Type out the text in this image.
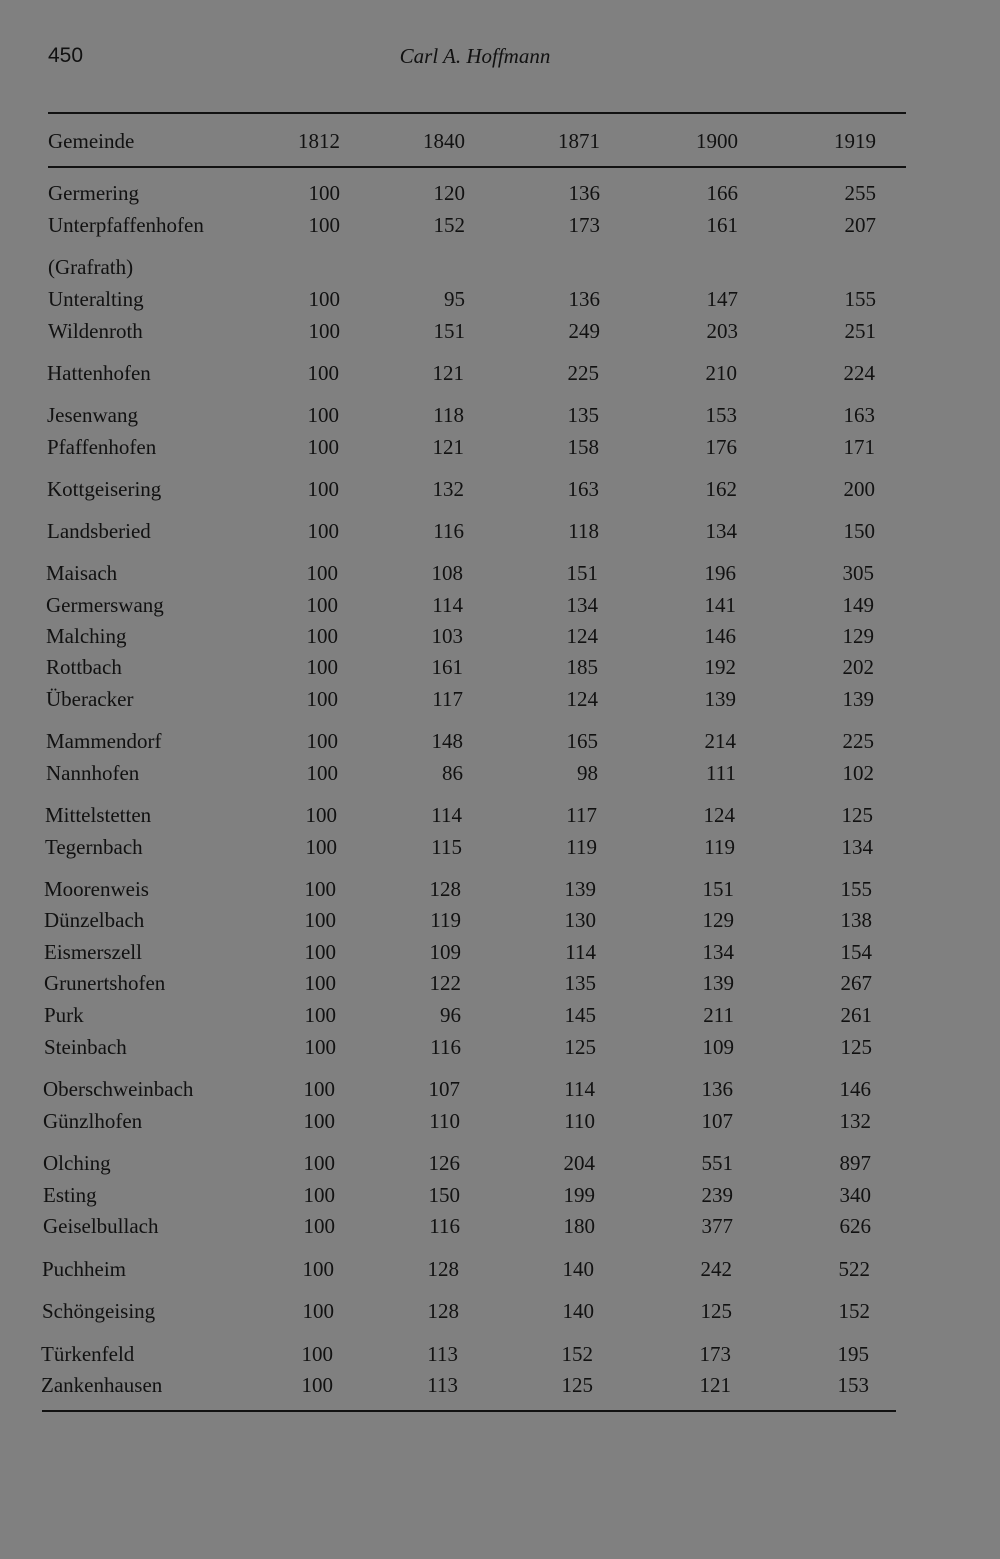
450	Carl A. Hoffmann
Gemeinde	1812	1840	1871	1900	1919
Germering	100	120	136	166	255
Unterpfaffenhofen	100	152	173	161	207
(Grafrath)
Unteralting	100	95	136	147	155
Wildenroth	100	151	249	203	251
Hattenhofen	100	121	225	210	224
Jesenwang	100	118	135	153	163
Pfaffenhofen	100	121	158	176	171
Kottgeisering	100	132	163	162	200
Landsberied	100	116	118	134	150
Maisach	100	108	151	196	305
Germerswang	100	114	134	141	149
Malching	100	103	124	146	129
Rottbach	100	161	185	192	202
Überacker	100	117	124	139	139
Mammendorf	100	148	165	214	225
Nannhofen	100	86	98	111	102
Mittelstetten	100	114	117	124	125
Tegernbach	100	115	119	119	134
Moorenweis	100	128	139	151	155
Dünzelbach	100	119	130	129	138
Eismerszell	100	109	114	134	154
Grunertshofen	100	122	135	139	267
Purk	100	96	145	211	261
Steinbach	100	116	125	109	125
Oberschweinbach	100	107	114	136	146
Günzlhofen	100	110	110	107	132
Olching	100	126	204	551	897
Esting	100	150	199	239	340
Geiselbullach	100	116	180	377	626
Puchheim	100	128	140	242	522
Schöngeising	100	128	140	125	152
Türkenfeld	100	113	152	173	195
Zankenhausen	100	113	125	121	153
